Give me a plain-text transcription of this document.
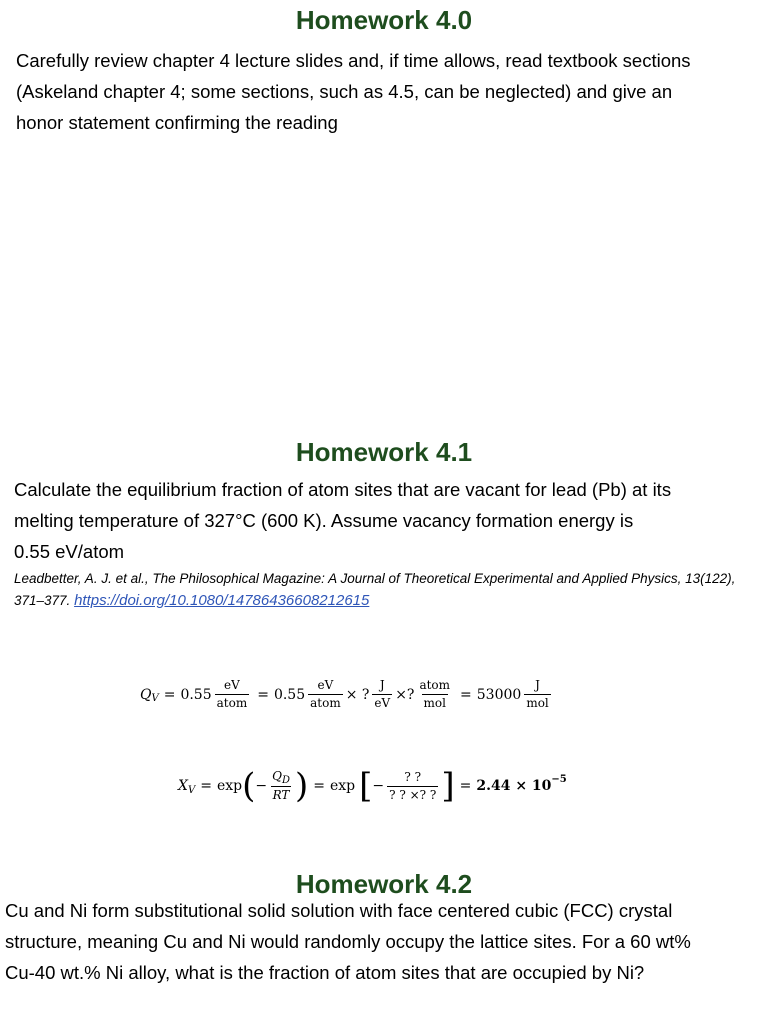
Homework 4.0
Carefully review chapter 4 lecture slides and, if time allows, read textbook sections
(Askeland chapter 4; some sections, such as 4.5, can be neglected) and give an
honor statement confirming the reading
Homework 4.1
Calculate the equilibrium fraction of atom sites that are vacant for lead (Pb) at its
melting temperature of 327°C (600 K). Assume vacancy formation energy is
0.55 eV/atom

Leadbetter, A. J. et al., The Philosophical Magazine: A Journal of Theoretical Experimental and Applied Physics, 13(122), 371–377. https://doi.org/10.1080/14786436608212615

Q $V = 0.55 \frac{eV}{\text{atom}} = 0.55 \frac{eV}{\text{atom}}$ × ? $\frac{J}{eV}$ ×? $\frac{\text{atom}}{\text{mol}} = 53000 \frac{J}{\text{mol}}$
X V = exp ( − $\frac{Q_D}{RT}$ ) = exp [ − $\frac{? ?}{? ? \times? ?}$ ] = 2.44 × 10 −5
Homework 4.2
Cu and Ni form substitutional solid solution with face centered cubic (FCC) crystal
structure, meaning Cu and Ni would randomly occupy the lattice sites. For a 60 wt%
Cu-40 wt.% Ni alloy, what is the fraction of atom sites that are occupied by Ni?
